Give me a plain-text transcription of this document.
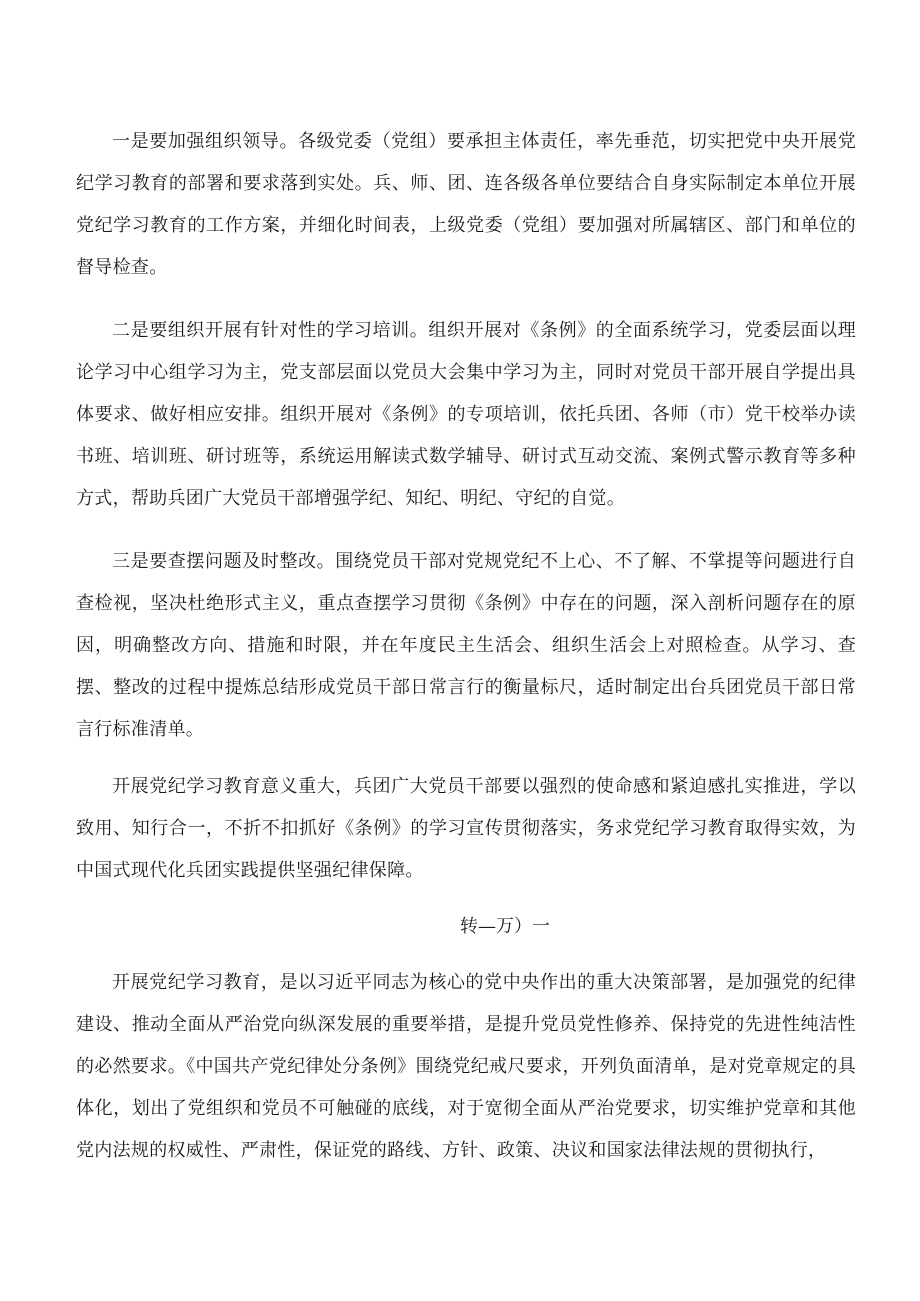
一是要加强组织领导。各级党委（党组）要承担主体责任，率先垂范，切实把党中央开展党纪学习教育的部署和要求落到实处。兵、师、团、连各级各单位要结合自身实际制定本单位开展党纪学习教育的工作方案，并细化时间表，上级党委（党组）要加强对所属辖区、部门和单位的督导检查。

二是要组织开展有针对性的学习培训。组织开展对《条例》的全面系统学习，党委层面以理论学习中心组学习为主，党支部层面以党员大会集中学习为主，同时对党员干部开展自学提出具体要求、做好相应安排。组织开展对《条例》的专项培训，依托兵团、各师（市）党干校举办读书班、培训班、研讨班等，系统运用解读式数学辅导、研讨式互动交流、案例式警示教育等多种方式，帮助兵团广大党员干部增强学纪、知纪、明纪、守纪的自觉。

三是要查摆问题及时整改。围绕党员干部对党规党纪不上心、不了解、不掌提等问题进行自查检视，坚决杜绝形式主义，重点查摆学习贯彻《条例》中存在的问题，深入剖析问题存在的原因，明确整改方向、措施和时限，并在年度民主生活会、组织生活会上对照检查。从学习、查摆、整改的过程中提炼总结形成党员干部日常言行的衡量标尺，适时制定出台兵团党员干部日常言行标准清单。

开展党纪学习教育意义重大，兵团广大党员干部要以强烈的使命感和紧迫感扎实推进，学以致用、知行合一，不折不扣抓好《条例》的学习宣传贯彻落实，务求党纪学习教育取得实效，为中国式现代化兵团实践提供坚强纪律保障。

转—万）一

开展党纪学习教育，是以习近平同志为核心的党中央作出的重大决策部署，是加强党的纪律建设、推动全面从严治党向纵深发展的重要举措，是提升党员党性修养、保持党的先进性纯洁性的必然要求。《中国共产党纪律处分条例》围绕党纪戒尺要求，开列负面清单，是对党章规定的具体化，划出了党组织和党员不可触碰的底线，对于宽彻全面从严治党要求，切实维护党章和其他党内法规的权威性、严肃性，保证党的路线、方针、政策、决议和国家法律法规的贯彻执行，
